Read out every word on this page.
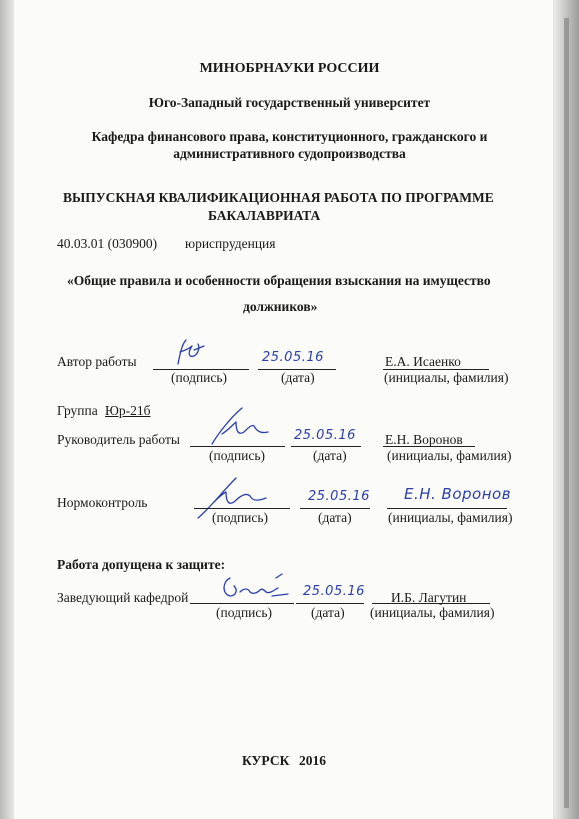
МИНОБРНАУКИ РОССИИ
Юго-Западный государственный университет
Кафедра финансового права, конституционного, гражданского и
административного судопроизводства
ВЫПУСКНАЯ КВАЛИФИКАЦИОННАЯ РАБОТА ПО ПРОГРАММЕ
БАКАЛАВРИАТА
40.03.01 (030900) юриспруденция
«Общие правила и особенности обращения взыскания на имущество
должников»
Автор работы	25.05.16	Е.А. Исаенко
(подпись)	(дата)	(инициалы, фамилия)
Группа Юр-21б
Руководитель работы	25.05.16 Е.Н. Воронов
(подпись)	(дата)	(инициалы, фамилия)
Нормоконтроль	25.05.16 Е.Н. Воронов
(подпись)	(дата)	(инициалы, фамилия)
Работа допущена к защите:
Заведующий кафедрой	25.05.16 И.Б. Лагутин
(подпись)	(дата) (инициалы, фамилия)
КУРСК 2016
